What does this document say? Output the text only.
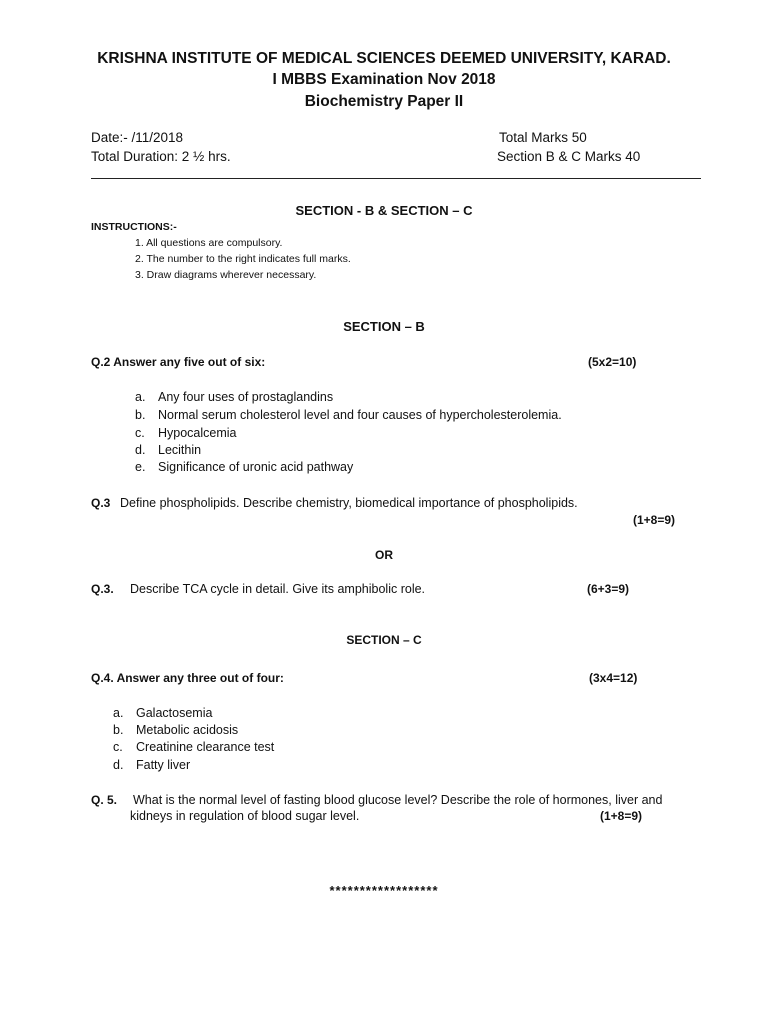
KRISHNA INSTITUTE OF MEDICAL SCIENCES DEEMED UNIVERSITY, KARAD.
I MBBS Examination Nov 2018
Biochemistry Paper II
Date:- /11/2018	Total Marks 50
Total Duration: 2 ½ hrs.	Section B & C Marks 40
SECTION - B & SECTION – C
INSTRUCTIONS:-
1. All questions are compulsory.
2. The number to the right indicates full marks.
3. Draw diagrams wherever necessary.
SECTION – B
Q.2 Answer any five out of six:	(5x2=10)
a. Any four uses of prostaglandins
b. Normal serum cholesterol level and four causes of hypercholesterolemia.
c. Hypocalcemia
d. Lecithin
e. Significance of uronic acid pathway
Q.3 Define phospholipids. Describe chemistry, biomedical importance of phospholipids.
(1+8=9)
OR
Q.3. Describe TCA cycle in detail. Give its amphibolic role.	(6+3=9)
SECTION – C
Q.4. Answer any three out of four:	(3x4=12)
a. Galactosemia
b. Metabolic acidosis
c. Creatinine clearance test
d. Fatty liver
Q. 5. What is the normal level of fasting blood glucose level? Describe the role of hormones, liver and
kidneys in regulation of blood sugar level.	(1+8=9)
******************
